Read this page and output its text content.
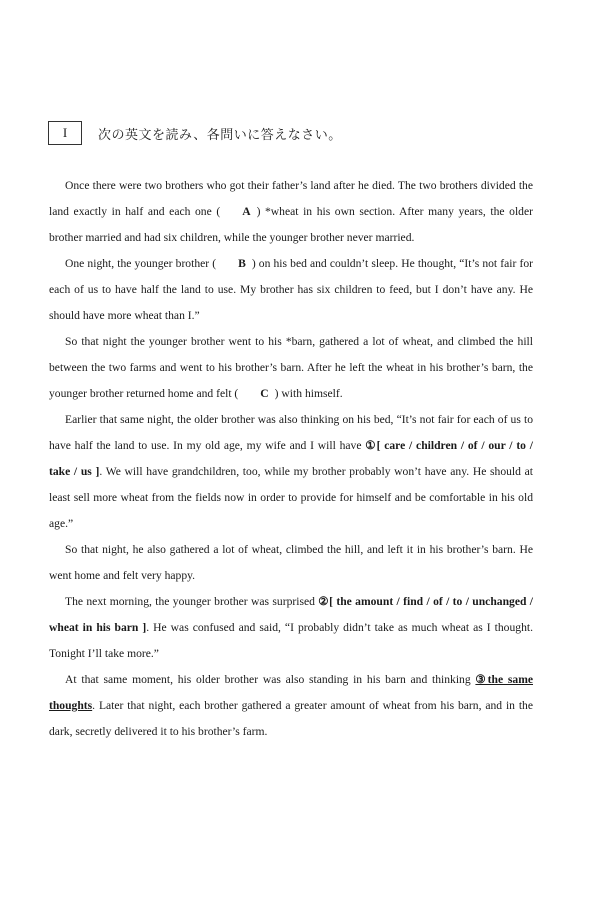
I 次の英文を読み、各問いに答えなさい。

Once there were two brothers who got their father’s land after he died. The two brothers divided the land exactly in half and each one ( A ) *wheat in his own section. After many years, the older brother married and had six children, while the younger brother never married.

One night, the younger brother ( B ) on his bed and couldn’t sleep. He thought, “It’s not fair for each of us to have half the land to use. My brother has six children to feed, but I don’t have any. He should have more wheat than I.”

So that night the younger brother went to his *barn, gathered a lot of wheat, and climbed the hill between the two farms and went to his brother’s barn. After he left the wheat in his brother’s barn, the younger brother returned home and felt ( C ) with himself.

Earlier that same night, the older brother was also thinking on his bed, “It’s not fair for each of us to have half the land to use. In my old age, my wife and I will have ①[ care / children / of / our / to / take / us ]. We will have grandchildren, too, while my brother probably won’t have any. He should at least sell more wheat from the fields now in order to provide for himself and be comfortable in his old age.”

So that night, he also gathered a lot of wheat, climbed the hill, and left it in his brother’s barn. He went home and felt very happy.

The next morning, the younger brother was surprised ②[ the amount / find / of / to / unchanged / wheat in his barn ]. He was confused and said, “I probably didn’t take as much wheat as I thought. Tonight I’ll take more.”

At that same moment, his older brother was also standing in his barn and thinking ③the same thoughts. Later that night, each brother gathered a greater amount of wheat from his barn, and in the dark, secretly delivered it to his brother’s farm.
